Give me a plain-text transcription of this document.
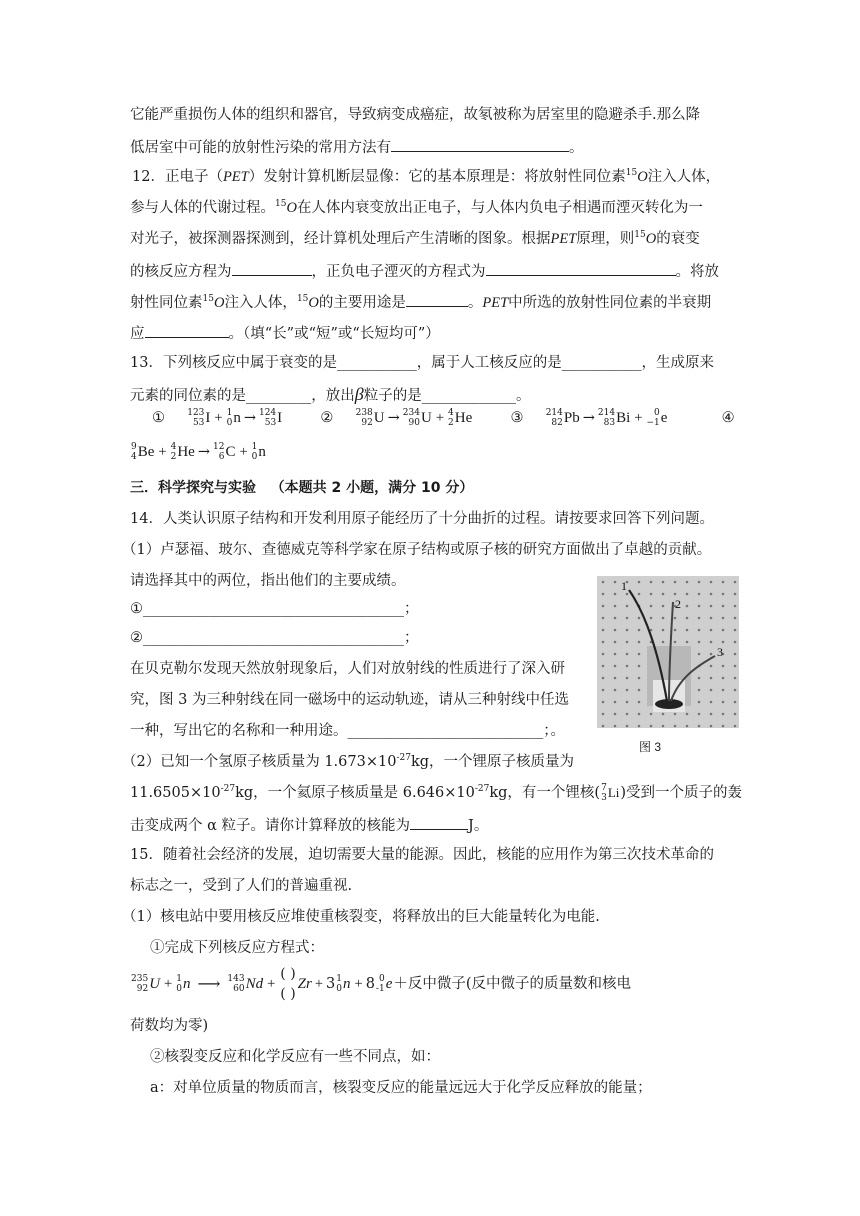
它能严重损伤人体的组织和器官，导致病变成癌症，故氡被称为居室里的隐避杀手.那么降
低居室中可能的放射性污染的常用方法有	。
12．正电子（PET）发射计算机断层显像：它的基本原理是：将放射性同位素$^{15}$O注入人体，
参与人体的代谢过程。$^{15}$O在人体内衰变放出正电子，与人体内负电子相遇而湮灭转化为一
对光子，被探测器探测到，经计算机处理后产生清晰的图象。根据PET原理，则$^{15}$O的衰变
的核反应方程为	，正负电子湮灭的方程式为	。将放
射性同位素$^{15}$O注入人体，$^{15}$O的主要用途是	。PET中所选的放射性同位素的半衰期
应	。（填“长”或“短”或“长短均可”）
13．下列核反应中属于衰变的是___________，属于人工核反应的是___________，生成原来
元素的同位素的是_________，放出β粒子的是_____________。
① 123
53 I + 1
0 n → 124
53 I	② 238
92 U → 234
90 U + 4
2 He	③ 214
82 Pb → 214
83 Bi + 0
−1 e	④
9
4 Be + 4
2 He → 12
6 C + 1
0 n
三．科学探究与实验 （本题共 2 小题，满分 10 分）
14．人类认识原子结构和开发利用原子能经历了十分曲折的过程。请按要求回答下列问题。
（1）卢瑟福、玻尔、查德威克等科学家在原子结构或原子核的研究方面做出了卓越的贡献。
请选择其中的两位，指出他们的主要成绩。
①____________________________________；
②____________________________________；
在贝克勒尔发现天然放射现象后，人们对放射线的性质进行了深入研
究，图 3 为三种射线在同一磁场中的运动轨迹，请从三种射线中任选
一种，写出它的名称和一种用途。___________________________；。
（2）已知一个氢原子核质量为 $1.673\times 10^{-27}kg$，一个锂原子核质量为
$11.6505\times 10^{-27}kg$，一个氦原子核质量是 $6.646\times 10^{-27}kg$，有一个锂核( 7
3 Li )受到一个质子的轰
击变成两个 α 粒子。请你计算释放的核能为	J。
1
2
3
图 3
15．随着社会经济的发展，迫切需要大量的能源。因此，核能的应用作为第三次技术革命的
标志之一，受到了人们的普遍重视.
（1）核电站中要用核反应堆使重核裂变，将释放出的巨大能量转化为电能.
①完成下列核反应方程式：
235
92 U + 1
0 n ⟶ 143
60 Nd +
( )
( )
Zr + 3 1
0 n + 8 0
-1 e ＋反中微子(反中微子的质量数和核电
荷数均为零)
②核裂变反应和化学反应有一些不同点，如：
a：对单位质量的物质而言，核裂变反应的能量远远大于化学反应释放的能量；
